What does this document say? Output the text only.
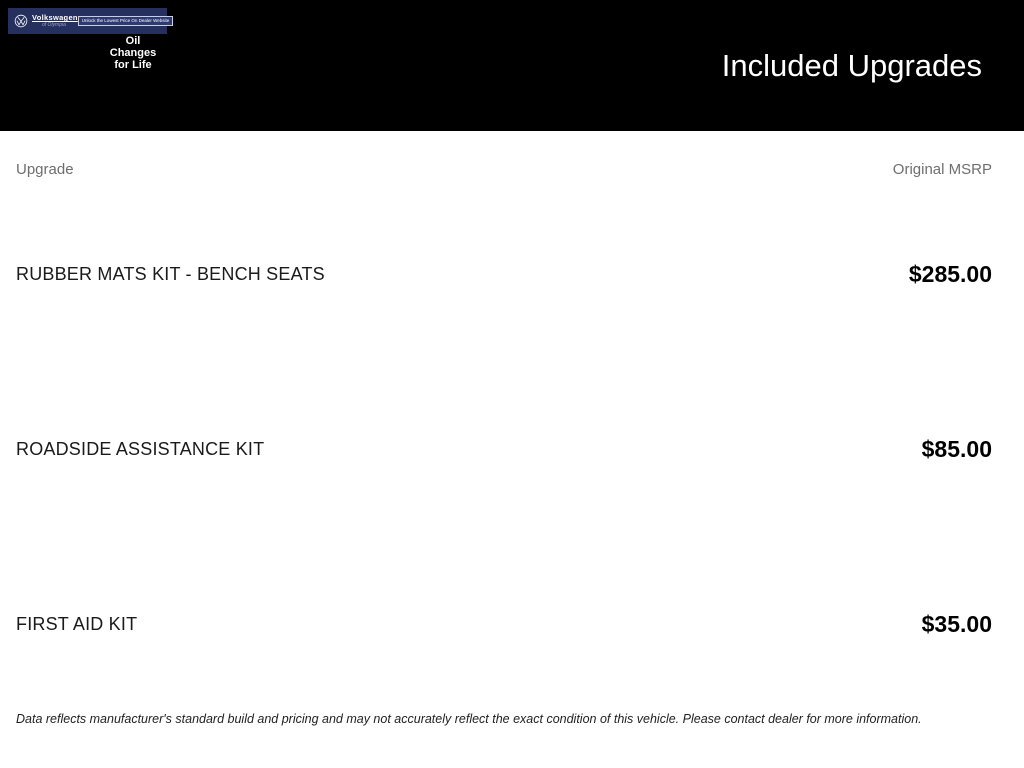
Volkswagen
of Olympia
Unlock the Lowest Price On Dealer Website
Oil Changes
for Life	Included Upgrades
Upgrade	Original MSRP
RUBBER MATS KIT - BENCH SEATS	$285.00
ROADSIDE ASSISTANCE KIT	$85.00
FIRST AID KIT	$35.00

Data reflects manufacturer's standard build and pricing and may not accurately reflect the exact condition of this vehicle. Please contact dealer for more information.
